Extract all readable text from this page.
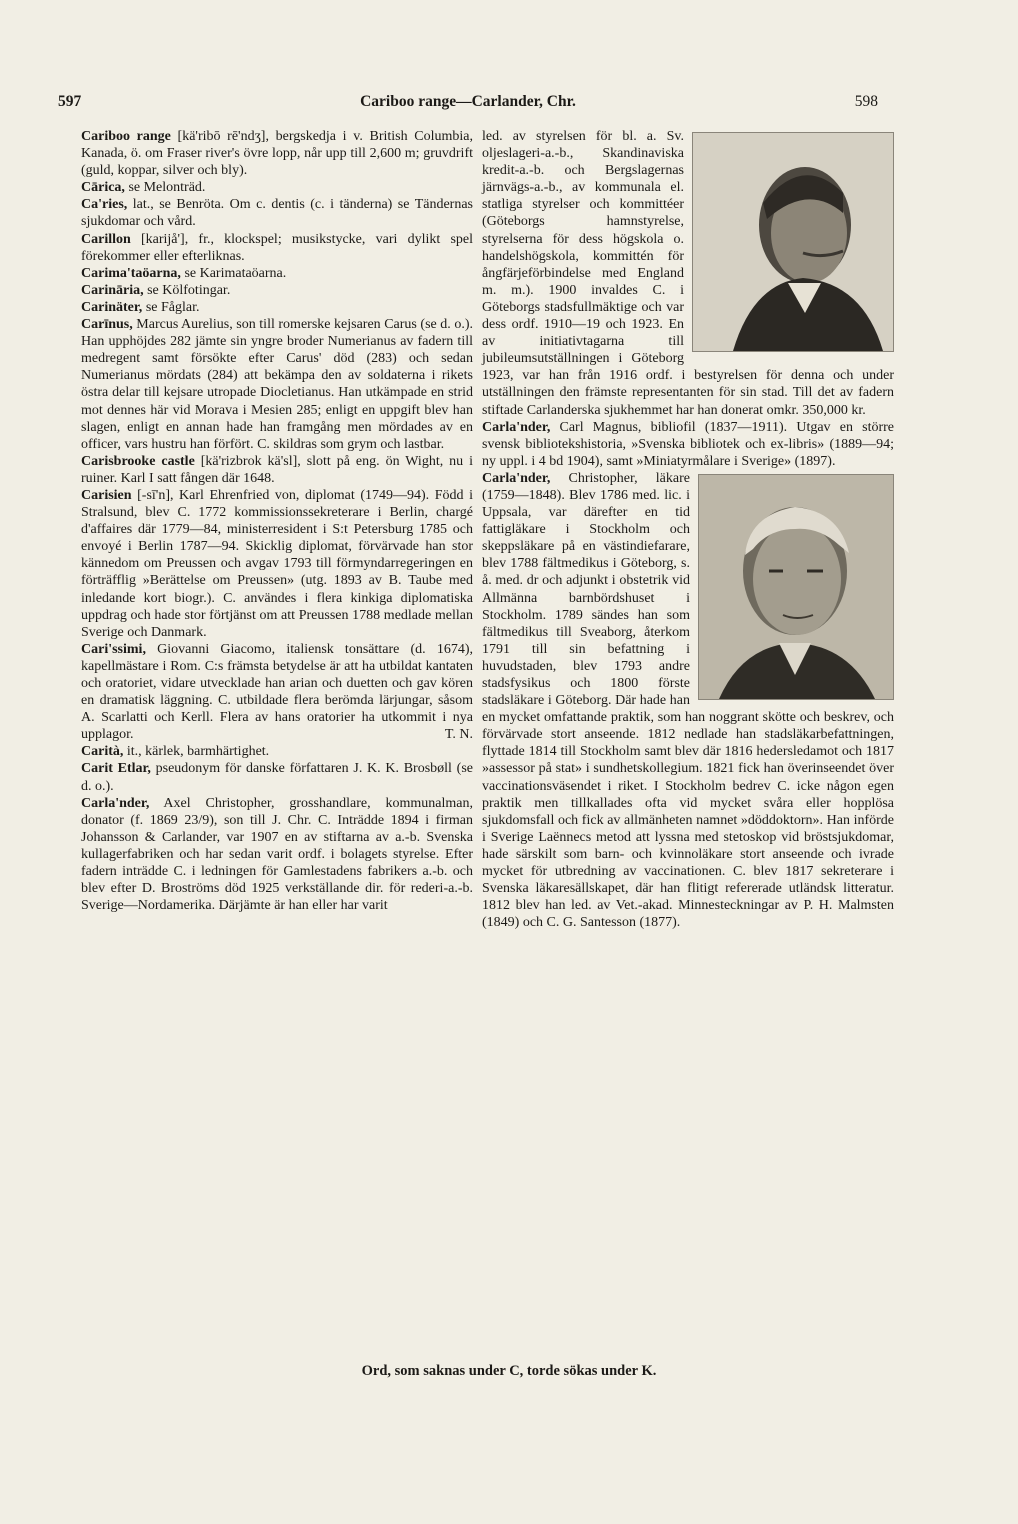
597	Cariboo range—Carlander, Chr.	598

Cariboo range [kä'ribō rē'ndʒ], bergskedja i v. British Columbia, Kanada, ö. om Fraser river's övre lopp, når upp till 2,600 m; gruvdrift (guld, koppar, silver och bly).

Cārica, se Melonträd.

Ca'ries, lat., se Benröta. Om c. dentis (c. i tänderna) se Tändernas sjukdomar och vård.

Carillon [karijå'], fr., klockspel; musikstycke, vari dylikt spel förekommer eller efterliknas.

Carima'taöarna, se Karimataöarna.

Carināria, se Kölfotingar.

Carinäter, se Fåglar.

Carīnus, Marcus Aurelius, son till romerske kejsaren Carus (se d. o.). Han upphöjdes 282 jämte sin yngre broder Numerianus av fadern till medregent samt försökte efter Carus' död (283) och sedan Numerianus mördats (284) att bekämpa den av soldaterna i rikets östra delar till kejsare utropade Diocletianus. Han utkämpade en strid mot dennes här vid Morava i Mesien 285; enligt en uppgift blev han slagen, enligt en annan hade han framgång men mördades av en officer, vars hustru han förfört. C. skildras som grym och lastbar.

Carisbrooke castle [kä'rizbrok kä'sl], slott på eng. ön Wight, nu i ruiner. Karl I satt fången där 1648.

Carisien [-sī'n], Karl Ehrenfried von, diplomat (1749—94). Född i Stralsund, blev C. 1772 kommissionssekreterare i Berlin, chargé d'affaires där 1779—84, ministerresident i S:t Petersburg 1785 och envoyé i Berlin 1787—94. Skicklig diplomat, förvärvade han stor kännedom om Preussen och avgav 1793 till förmyndarregeringen en förträfflig »Berättelse om Preussen» (utg. 1893 av B. Taube med inledande kort biogr.). C. användes i flera kinkiga diplomatiska uppdrag och hade stor förtjänst om att Preussen 1788 medlade mellan Sverige och Danmark.

Cari'ssimi, Giovanni Giacomo, italiensk tonsättare (d. 1674), kapellmästare i Rom. C:s främsta betydelse är att ha utbildat kantaten och oratoriet, vidare utvecklade han arian och duetten och gav kören en dramatisk läggning. C. utbildade flera berömda lärjungar, såsom A. Scarlatti och Kerll. Flera av hans oratorier ha utkommit i nya upplagor.	T. N.

Carità, it., kärlek, barmhärtighet.

Carit Etlar, pseudonym för danske författaren J. K. K. Brosbøll (se d. o.).

Carla'nder, Axel Christopher, grosshandlare, kommunalman, donator (f. 1869 23/9), son till J. Chr. C. Inträdde 1894 i firman Johansson & Carlander, var 1907 en av stiftarna av a.-b. Svenska kullagerfabriken och har sedan varit ordf. i bolagets styrelse. Efter fadern inträdde C. i ledningen för Gamlestadens fabrikers a.-b. och blev efter D. Broströms död 1925 verkställande dir. för rederi-a.-b. Sverige—Nordamerika. Därjämte är han eller har varit

led. av styrelsen för bl. a. Sv. oljeslageri-a.-b., Skandinaviska kredit-a.-b. och Bergslagernas järnvägs-a.-b., av kommunala el. statliga styrelser och kommittéer (Göteborgs hamnstyrelse, styrelserna för dess högskola o. handelshögskola, kommittén för ångfärjeförbindelse med England m. m.). 1900 invaldes C. i Göteborgs stadsfullmäktige och var dess ordf. 1910—19 och 1923. En av initiativtagarna till jubileumsutställningen i Göteborg 1923, var han från 1916 ordf. i bestyrelsen för denna och under utställningen den främste representanten för sin stad. Till det av fadern stiftade Carlanderska sjukhemmet har han donerat omkr. 350,000 kr.

Carla'nder, Carl Magnus, bibliofil (1837—1911). Utgav en större svensk bibliotekshistoria, »Svenska bibliotek och ex-libris» (1889—94; ny uppl. i 4 bd 1904), samt »Miniatyrmålare i Sverige» (1897).

Carla'nder, Christopher, läkare (1759—1848). Blev 1786 med. lic. i Uppsala, var därefter en tid fattigläkare i Stockholm och skeppsläkare på en västindiefarare, blev 1788 fältmedikus i Göteborg, s. å. med. dr och adjunkt i obstetrik vid Allmänna barnbördshuset i Stockholm. 1789 sändes han som fältmedikus till Sveaborg, återkom 1791 till sin befattning i huvudstaden, blev 1793 andre stadsfysikus och 1800 förste stadsläkare i Göteborg. Där hade han en mycket omfattande praktik, som han noggrant skötte och beskrev, och förvärvade stort anseende. 1812 nedlade han stadsläkarbefattningen, flyttade 1814 till Stockholm samt blev där 1816 hedersledamot och 1817 »assessor på stat» i sundhetskollegium. 1821 fick han överinseendet över vaccinationsväsendet i riket. I Stockholm bedrev C. icke någon egen praktik men tillkallades ofta vid mycket svåra eller hopplösa sjukdomsfall och fick av allmänheten namnet »döddoktorn». Han införde i Sverige Laënnecs metod att lyssna med stetoskop vid bröstsjukdomar, hade särskilt som barn- och kvinnoläkare stort anseende och ivrade mycket för utbredning av vaccinationen. C. blev 1817 sekreterare i Svenska läkaresällskapet, där han flitigt refererade utländsk litteratur. 1812 blev han led. av Vet.-akad. Minnesteckningar av P. H. Malmsten (1849) och C. G. Santesson (1877).

Ord, som saknas under C, torde sökas under K.
